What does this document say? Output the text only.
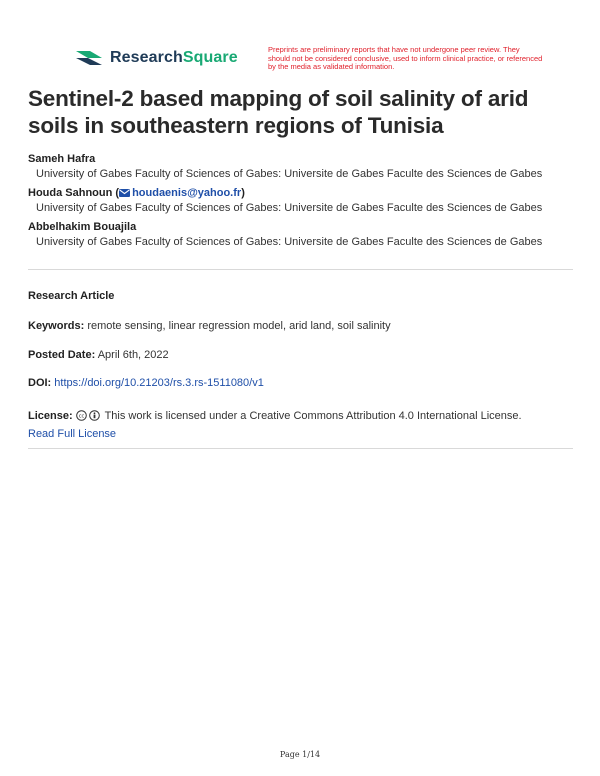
ResearchSquare	Preprints are preliminary reports that have not undergone peer review. They should not be considered conclusive, used to inform clinical practice, or referenced by the media as validated information.
Sentinel-2 based mapping of soil salinity of arid soils in southeastern regions of Tunisia
Sameh Hafra
University of Gabes Faculty of Sciences of Gabes: Universite de Gabes Faculte des Sciences de Gabes
Houda Sahnoun ( houdaenis@yahoo.fr)
University of Gabes Faculty of Sciences of Gabes: Universite de Gabes Faculte des Sciences de Gabes
Abbelhakim Bouajila
University of Gabes Faculty of Sciences of Gabes: Universite de Gabes Faculte des Sciences de Gabes
Research Article
Keywords: remote sensing, linear regression model, arid land, soil salinity
Posted Date: April 6th, 2022
DOI: https://doi.org/10.21203/rs.3.rs-1511080/v1
License: cc This work is licensed under a Creative Commons Attribution 4.0 International License.
Read Full License
Page 1/14
